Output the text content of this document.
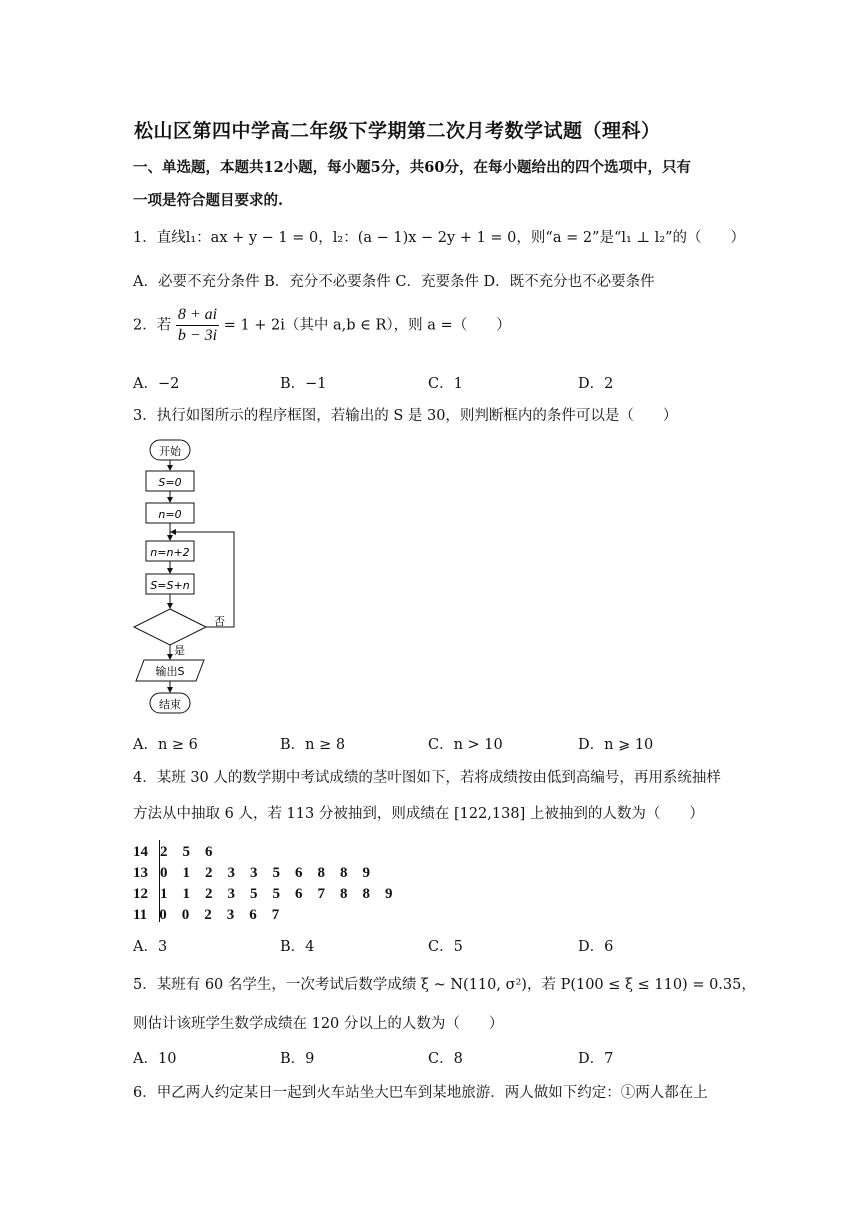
松山区第四中学高二年级下学期第二次月考数学试题（理科）
一、单选题，本题共12小题，每小题5分，共60分，在每小题给出的四个选项中，只有
一项是符合题目要求的.
1．直线l₁：ax + y − 1 = 0，l₂：(a − 1)x − 2y + 1 = 0，则“a = 2”是“l₁ ⊥ l₂”的（　　）
A．必要不充分条件 B．充分不必要条件 C．充要条件 D．既不充分也不必要条件
2．若 $\frac{8 + ai}{b - 3i} = 1 + 2i$（其中 a,b ∈ R），则 a =（　　）
A．−2	B．−1	C．1	D．2
3．执行如图所示的程序框图，若输出的 S 是 30，则判断框内的条件可以是（　　）
开始
S=0
n=0
n=n+2
S=S+n
否
是
输出S
结束
A．n ≥ 6	B．n ≥ 8	C．n > 10	D．n ⩾ 10
4．某班 30 人的数学期中考试成绩的茎叶图如下，若将成绩按由低到高编号，再用系统抽样
方法从中抽取 6 人，若 113 分被抽到，则成绩在 [122,138] 上被抽到的人数为（　　）
14 2　5　6
13 0　1　2　3　3　5　6　8　8　9
12 1　1　2　3　5　5　6　7　8　8　9
11 0　0　2　3　6　7
A．3	B．4	C．5	D．6
5．某班有 60 名学生，一次考试后数学成绩 ξ ~ N(110, σ²)，若 P(100 ≤ ξ ≤ 110) = 0.35，
则估计该班学生数学成绩在 120 分以上的人数为（　　）
A．10	B．9	C．8	D．7
6．甲乙两人约定某日一起到火车站坐大巴车到某地旅游．两人做如下约定：①两人都在上
